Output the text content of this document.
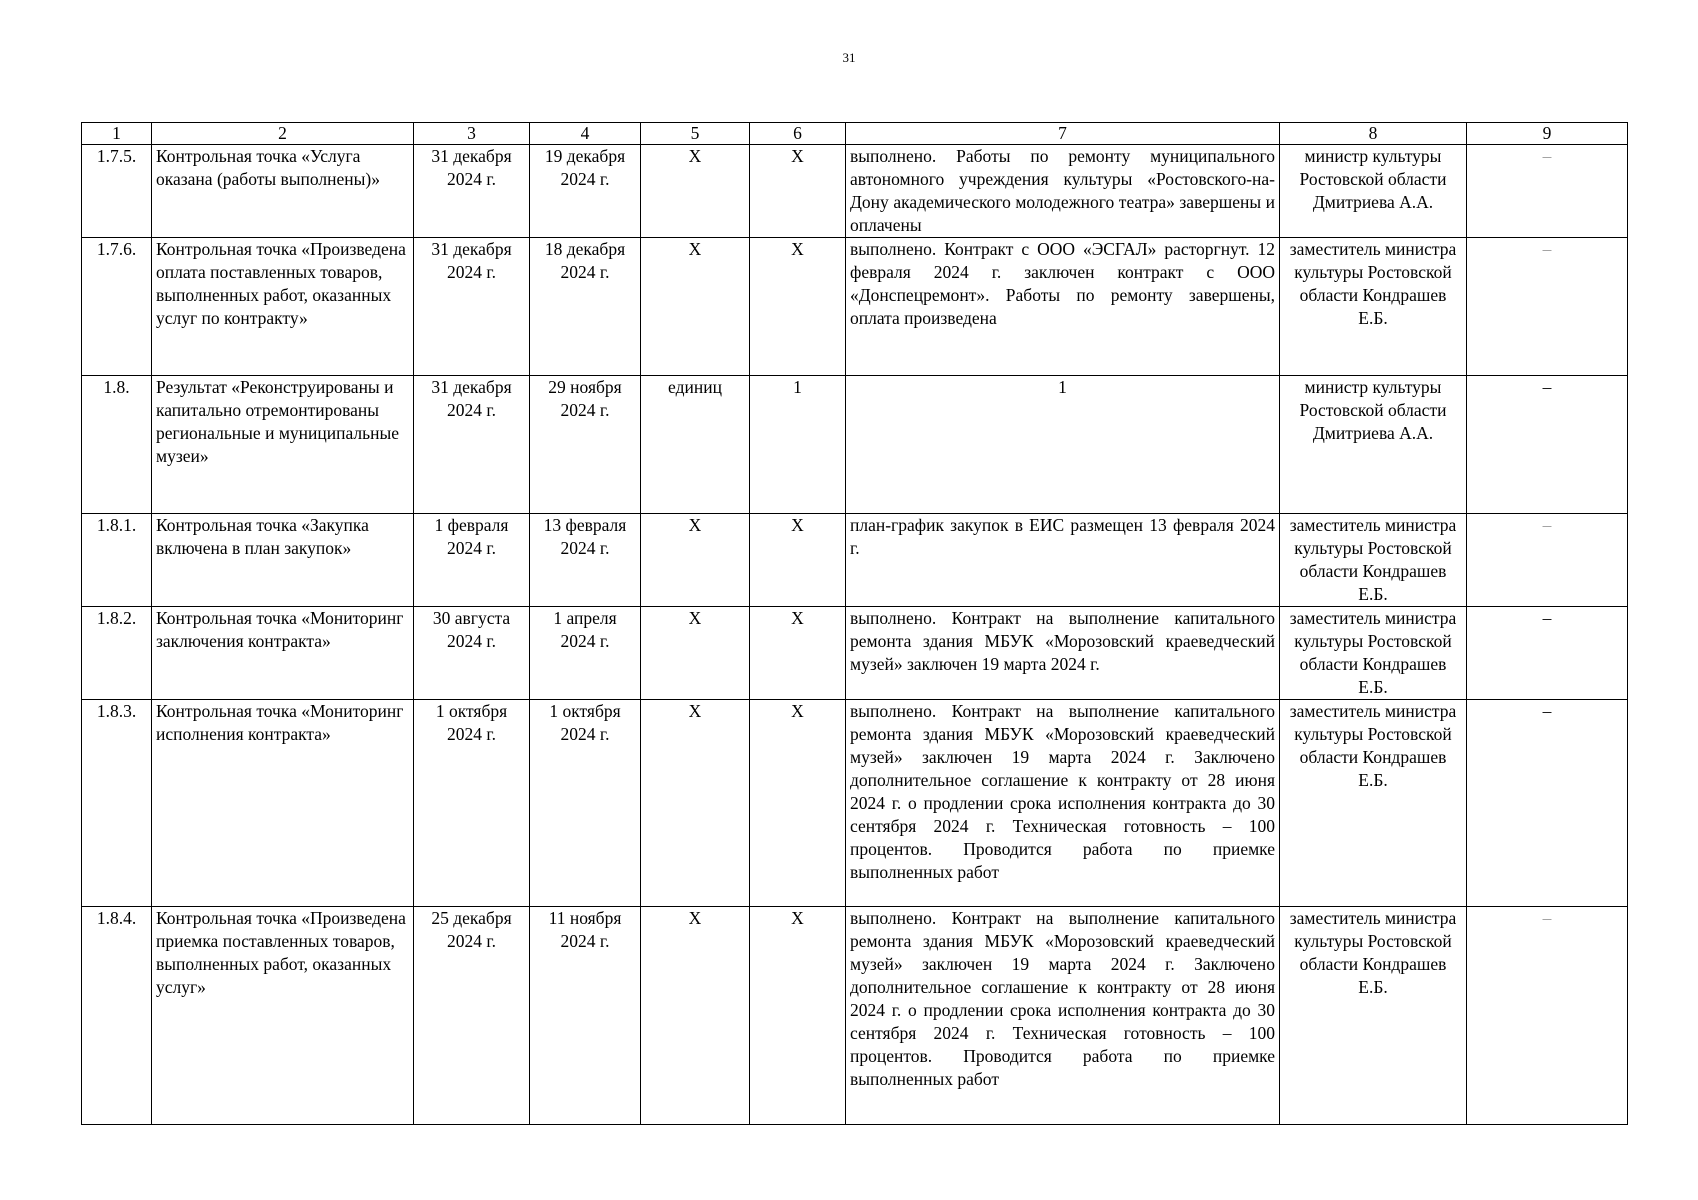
31
1	2	3	4	5	6	7	8	9
1.7.5.	Контрольная точка «Услуга оказана (работы выполнены)»	31 декабря 2024 г.	19 декабря 2024 г.	Х	Х	выполнено. Работы по ремонту муниципального автономного учреждения культуры «Ростовского-на-Дону академического молодежного театра» завершены и оплачены	министр культуры Ростовской области Дмитриева А.А.	–
1.7.6.	Контрольная точка «Произведена оплата поставленных товаров, выполненных работ, оказанных услуг по контракту»	31 декабря 2024 г.	18 декабря 2024 г.	Х	Х	выполнено. Контракт с ООО «ЭСГАЛ» расторгнут. 12 февраля 2024 г. заключен контракт с ООО «Донспецремонт». Работы по ремонту завершены, оплата произведена	заместитель министра культуры Ростовской области Кондрашев Е.Б.	–
1.8.	Результат «Реконструированы и капитально отремонтированы региональные и муниципальные музеи»	31 декабря 2024 г.	29 ноября 2024 г.	единиц	1	1	министр культуры Ростовской области Дмитриева А.А.	–
1.8.1.	Контрольная точка «Закупка включена в план закупок»	1 февраля 2024 г.	13 февраля 2024 г.	Х	Х	план-график закупок в ЕИС размещен 13 февраля 2024 г.	заместитель министра культуры Ростовской области Кондрашев Е.Б.	–
1.8.2.	Контрольная точка «Мониторинг заключения контракта»	30 августа 2024 г.	1 апреля 2024 г.	Х	Х	выполнено. Контракт на выполнение капитального ремонта здания МБУК «Морозовский краеведческий музей» заключен 19 марта 2024 г.	заместитель министра культуры Ростовской области Кондрашев Е.Б.	–
1.8.3.	Контрольная точка «Мониторинг исполнения контракта»	1 октября 2024 г.	1 октября 2024 г.	Х	Х	выполнено. Контракт на выполнение капитального ремонта здания МБУК «Морозовский краеведческий музей» заключен 19 марта 2024 г. Заключено дополнительное соглашение к контракту от 28 июня 2024 г. о продлении срока исполнения контракта до 30 сентября 2024 г. Техническая готовность – 100 процентов. Проводится работа по приемке выполненных работ	заместитель министра культуры Ростовской области Кондрашев Е.Б.	–
1.8.4.	Контрольная точка «Произведена приемка поставленных товаров, выполненных работ, оказанных услуг»	25 декабря 2024 г.	11 ноября 2024 г.	Х	Х	выполнено. Контракт на выполнение капитального ремонта здания МБУК «Морозовский краеведческий музей» заключен 19 марта 2024 г. Заключено дополнительное соглашение к контракту от 28 июня 2024 г. о продлении срока исполнения контракта до 30 сентября 2024 г. Техническая готовность – 100 процентов. Проводится работа по приемке выполненных работ	заместитель министра культуры Ростовской области Кондрашев Е.Б.	–
